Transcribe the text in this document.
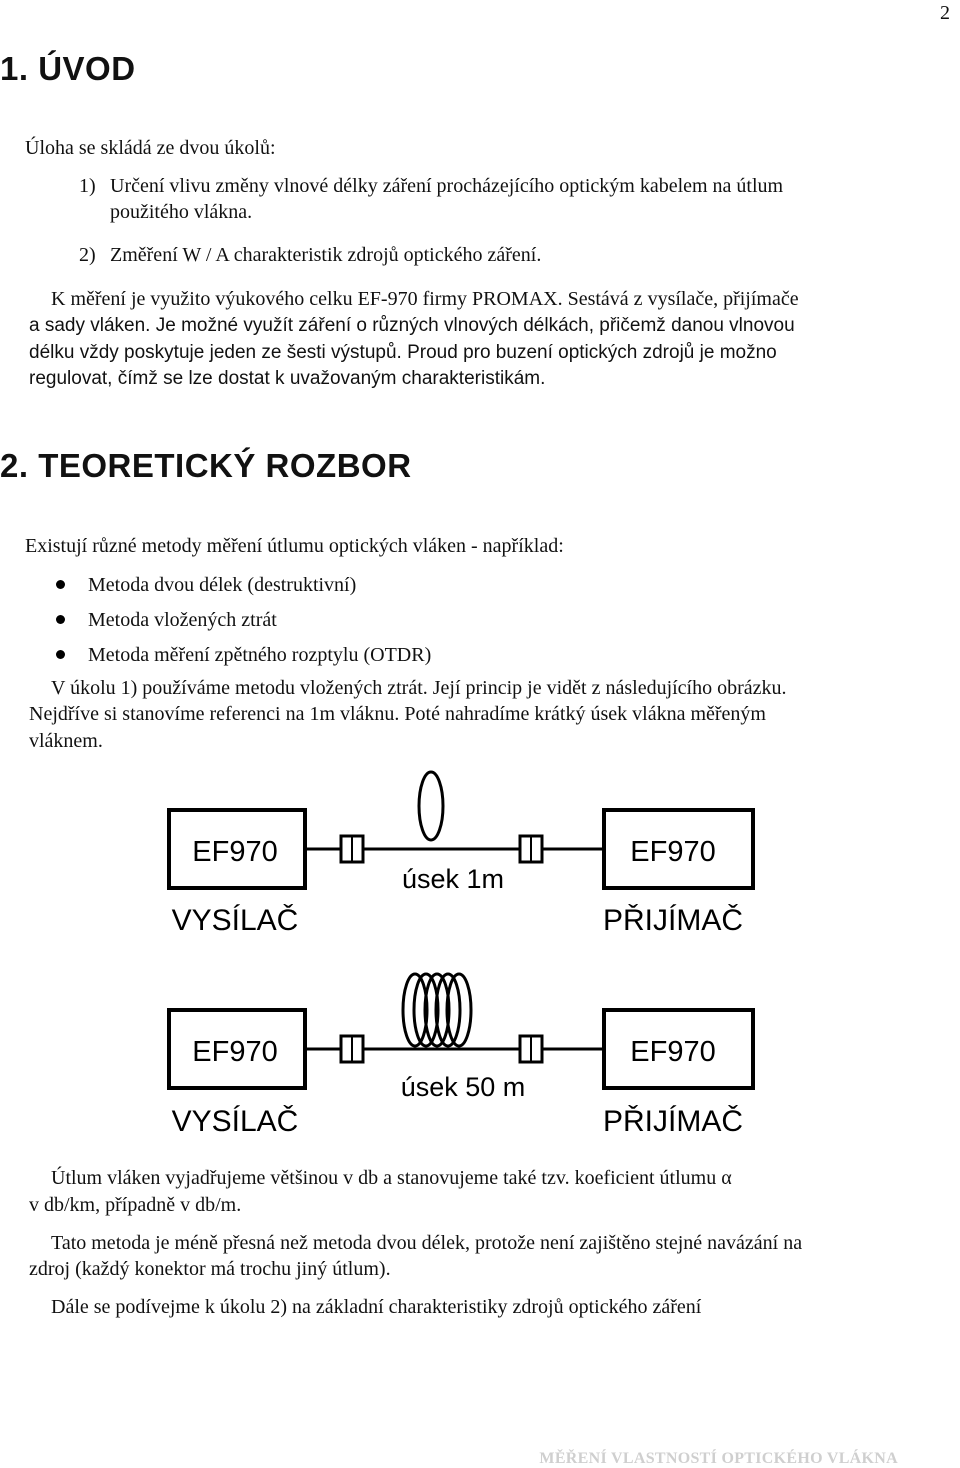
2
1. ÚVOD
Úloha se skládá ze dvou úkolů:
1) Určení vlivu změny vlnové délky záření procházejícího optickým kabelem na útlum
použitého vlákna.
2) Změření W / A charakteristik zdrojů optického záření.
K měření je využito výukového celku EF-970 firmy PROMAX. Sestává z vysílače, přijímače
a sady vláken. Je možné využít záření o různých vlnových délkách, přičemž danou vlnovou
délku vždy poskytuje jeden ze šesti výstupů. Proud pro buzení optických zdrojů je možno
regulovat, čímž se lze dostat k uvažovaným charakteristikám.
2. TEORETICKÝ ROZBOR
Existují různé metody měření útlumu optických vláken - například:
Metoda dvou délek (destruktivní)
Metoda vložených ztrát
Metoda měření zpětného rozptylu (OTDR)
V úkolu 1) používáme metodu vložených ztrát. Její princip je vidět z následujícího obrázku.
Nejdříve si stanovíme referenci na 1m vláknu. Poté nahradíme krátký úsek vlákna měřeným
vláknem.
EF970	EF970
úsek 1m
VYSÍLAČ	PŘIJÍMAČ
EF970	EF970
úsek 50 m
VYSÍLAČ	PŘIJÍMAČ
Útlum vláken vyjadřujeme většinou v db a stanovujeme také tzv. koeficient útlumu α
v db/km, případně v db/m.
Tato metoda je méně přesná než metoda dvou délek, protože není zajištěno stejné navázání na
zdroj (každý konektor má trochu jiný útlum).
Dále se podívejme k úkolu 2) na základní charakteristiky zdrojů optického záření
MĚŘENÍ VLASTNOSTÍ OPTICKÉHO VLÁKNA
